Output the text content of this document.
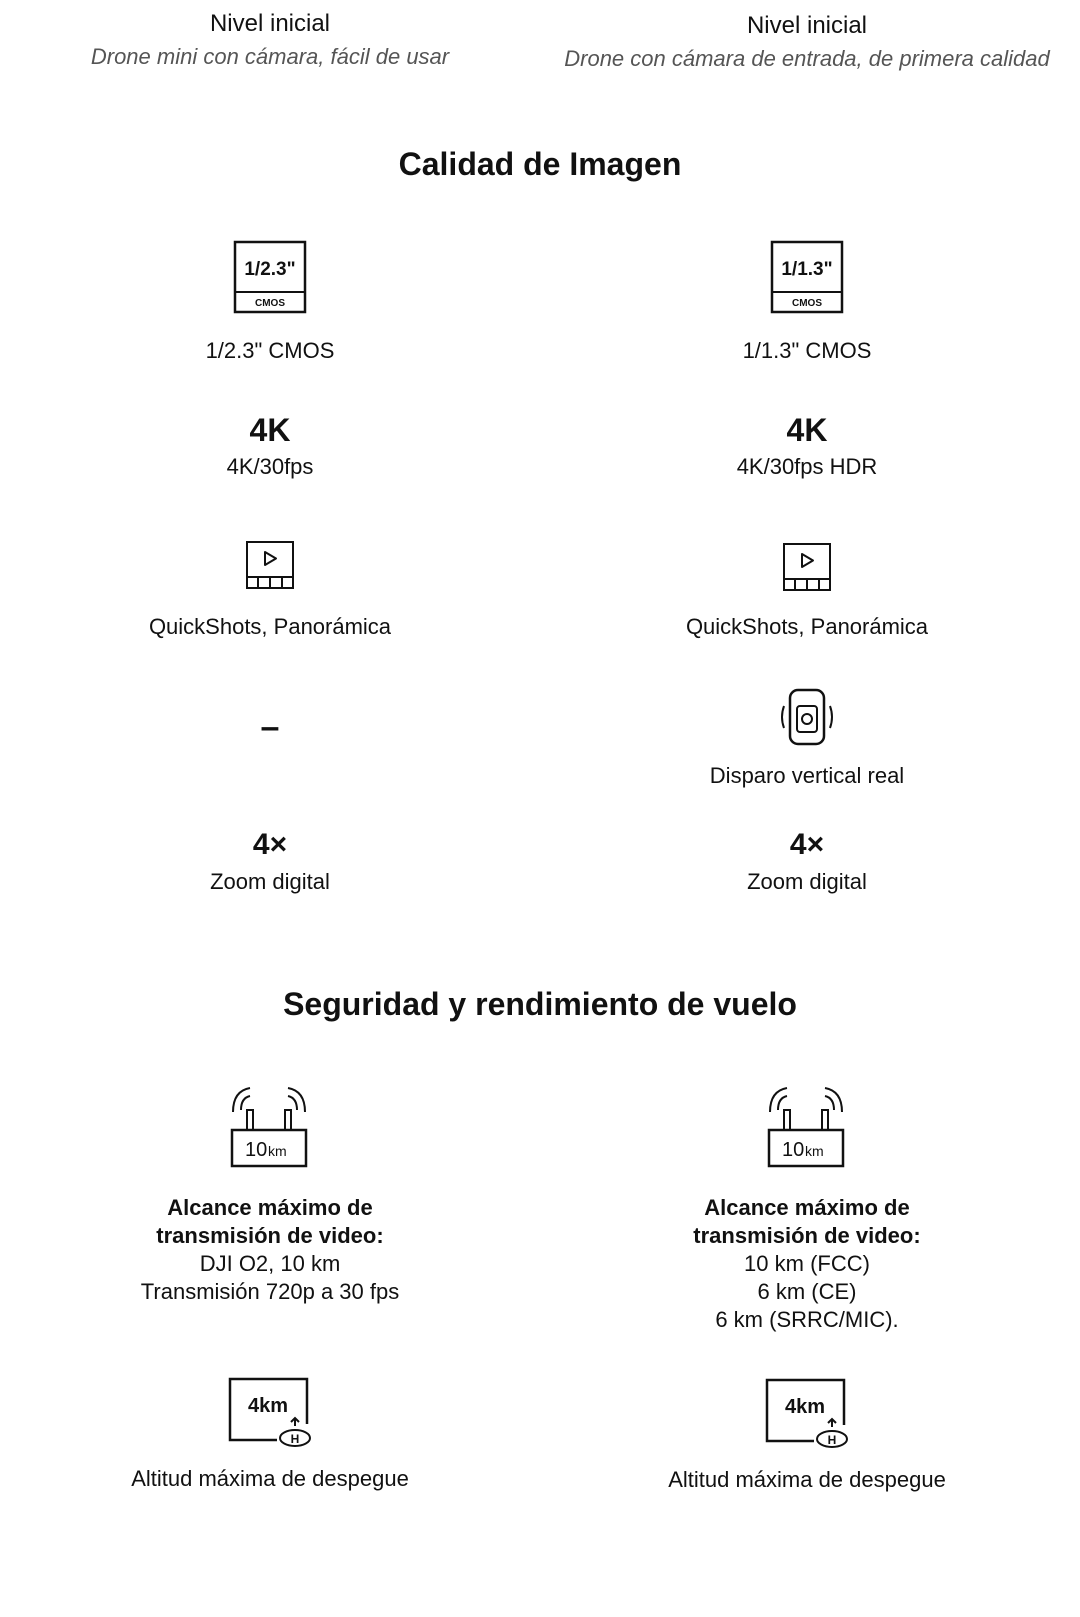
Nivel inicial
Drone mini con cámara, fácil de usar
Nivel inicial
Drone con cámara de entrada, de primera calidad
Calidad de Imagen
1/2.3"
CMOS
1/2.3" CMOS
1/1.3"
CMOS
1/1.3" CMOS
4K
4K/30fps
4K
4K/30fps HDR
QuickShots, Panorámica	QuickShots, Panorámica
–
Disparo vertical real
4×
Zoom digital
4×
Zoom digital
Seguridad y rendimiento de vuelo
10 km
Alcance máximo de
transmisión de video:
DJI O2, 10 km
Transmisión 720p a 30 fps
10 km
Alcance máximo de
transmisión de video:
10 km (FCC)
6 km (CE)
6 km (SRRC/MIC).
4km
H
Altitud máxima de despegue
4km
H
Altitud máxima de despegue
